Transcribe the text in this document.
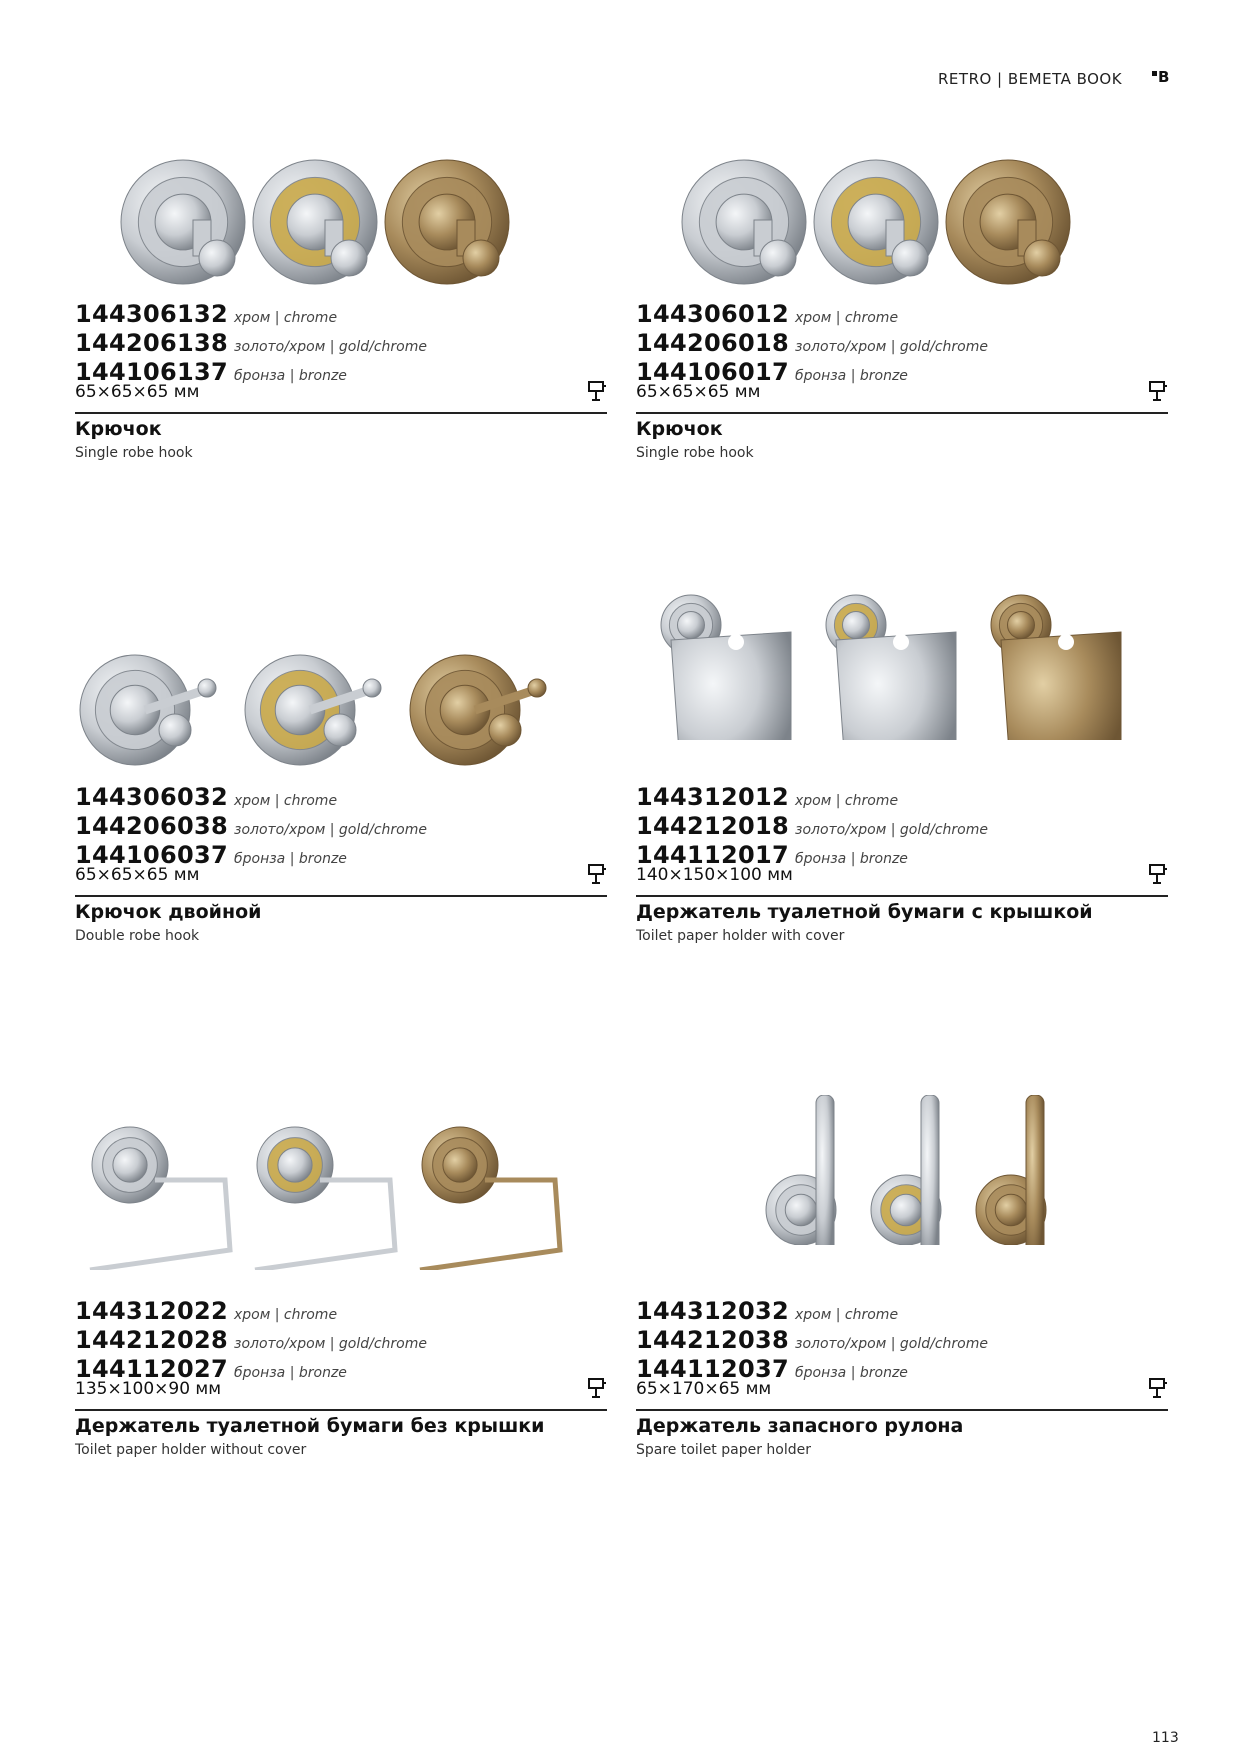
RETRO | BEMETA BOOK	B
144306132 хром | chrome
144206138 золото/хром | gold/chrome
144106137 бронза | bronze
65×65×65 мм
Крючок
Single robe hook
144306012 хром | chrome
144206018 золото/хром | gold/chrome
144106017 бронза | bronze
65×65×65 мм
Крючок
Single robe hook
144306032 хром | chrome
144206038 золото/хром | gold/chrome
144106037 бронза | bronze
65×65×65 мм
Крючок двойной
Double robe hook
144312012 хром | chrome
144212018 золото/хром | gold/chrome
144112017 бронза | bronze
140×150×100 мм
Держатель туалетной бумаги с крышкой
Toilet paper holder with cover
144312022 хром | chrome
144212028 золото/хром | gold/chrome
144112027 бронза | bronze
135×100×90 мм
Держатель туалетной бумаги без крышки
Toilet paper holder without cover
144312032 хром | chrome
144212038 золото/хром | gold/chrome
144112037 бронза | bronze
65×170×65 мм
Держатель запасного рулона
Spare toilet paper holder
113
